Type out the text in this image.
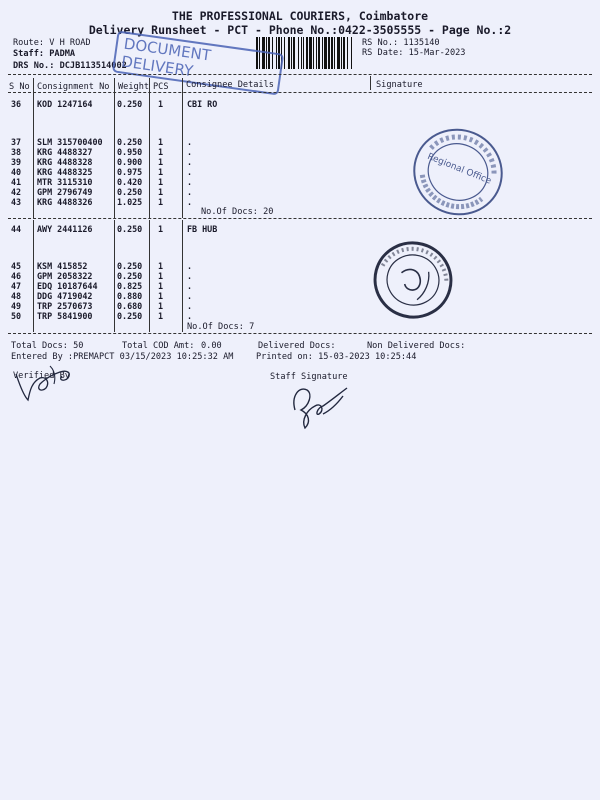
THE PROFESSIONAL COURIERS, Coimbatore
Delivery Runsheet - PCT - Phone No.:0422-3505555 - Page No.:2
Route: V H ROAD
Staff: PADMA
DRS No.: DCJB113514002
RS No.: 1135140
RS Date: 15-Mar-2023
DOCUMENT DELIVERY
S No Consignment No Weight PCS Consignee Details	Signature
36 KOD 1247164	0.250 1	CBI RO
37 SLM 315700400 0.250 1	.
38 KRG 4488327	0.950 1	.
39 KRG 4488328	0.900 1	.
40 KRG 4488325	0.975 1	.
41 MTR 3115310	0.420 1	.
42 GPM 2796749	0.250 1	.
43 KRG 4488326	1.025 1	.
No.Of Docs: 20
44 AWY 2441126	0.250 1	FB HUB
45 KSM 415852	0.250 1	.
46 GPM 2058322	0.250 1	.
47 EDQ 10187644 0.825 1	.
48 DDG 4719042	0.880 1	.
49 TRP 2570673	0.680 1	.
50 TRP 5841900	0.250 1	.
No.Of Docs: 7
Total Docs: 50	Total COD Amt: 0.00	Delivered Docs:	Non Delivered Docs:
Entered By :PREMAPCT 03/15/2023 10:25:32 AM	Printed on: 15-03-2023 10:25:44
Verified By	Staff Signature
Regional Office
